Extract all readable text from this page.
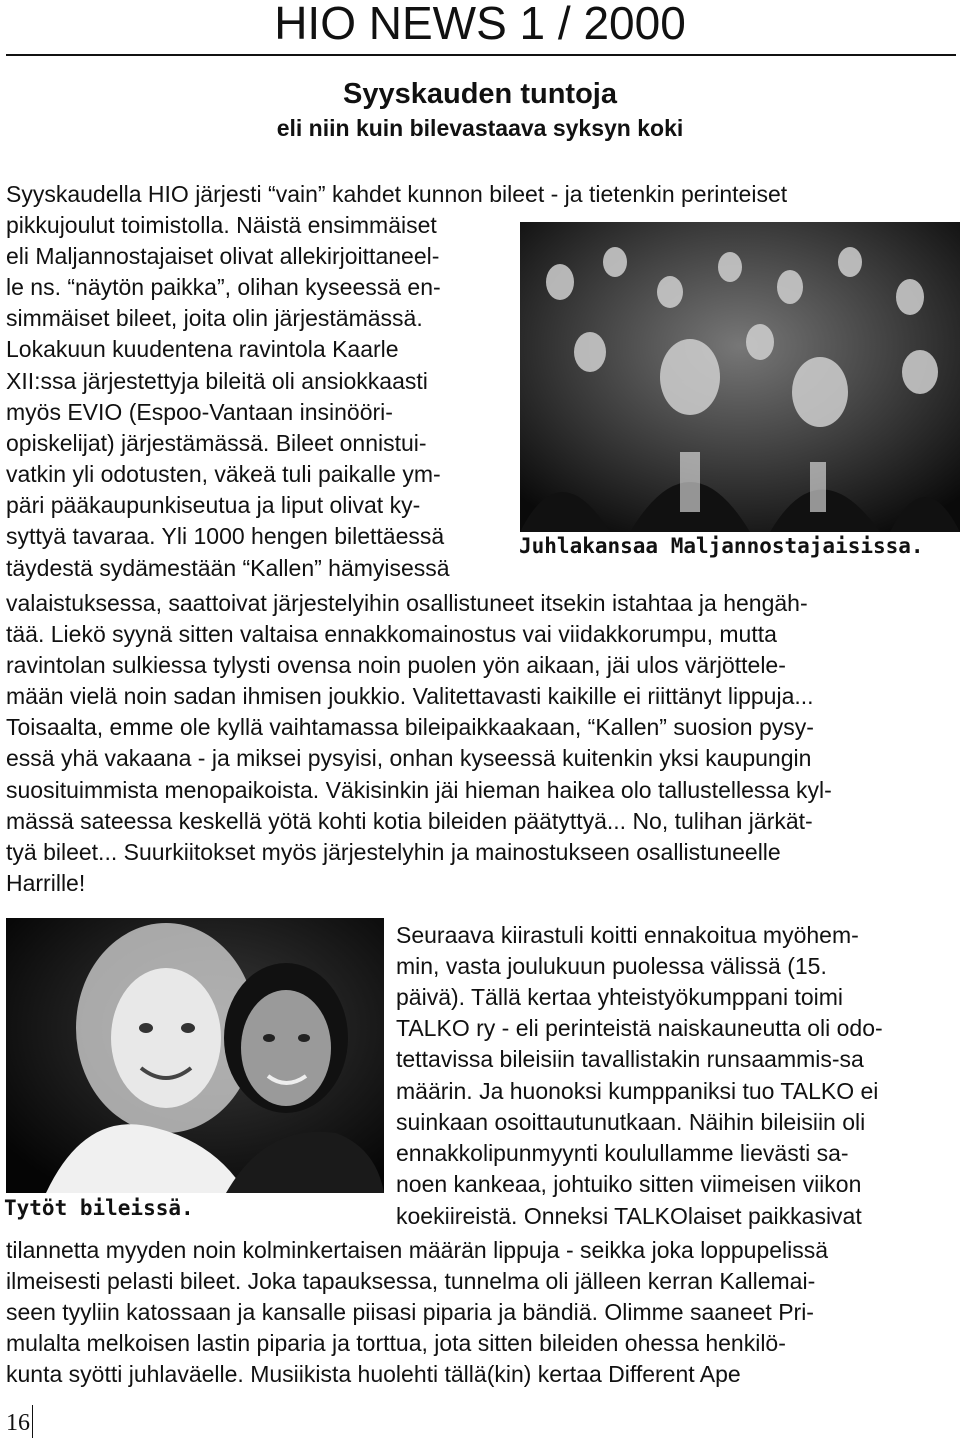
HIO NEWS 1 / 2000
Syyskauden tuntoja
eli niin kuin bilevastaava syksyn koki
Juhlakansaa Maljannostajaisissa.
Tytöt bileissä.
Syyskaudella HIO järjesti “vain” kahdet kunnon bileet - ja tietenkin perinteiset
pikkujoulut toimistolla. Näistä ensimmäiset
eli Maljannostajaiset olivat allekirjoittaneel-
le ns. “näytön paikka”, olihan kyseessä en-
simmäiset bileet, joita olin järjestämässä.
Lokakuun kuudentena ravintola Kaarle
XII:ssa järjestettyja bileitä oli ansiokkaasti
myös EVIO (Espoo-Vantaan insinööri-
opiskelijat) järjestämässä. Bileet onnistui-
vatkin yli odotusten, väkeä tuli paikalle ym-
päri pääkaupunkiseutua ja liput olivat ky-
syttyä tavaraa. Yli 1000 hengen bilettäessä
täydestä sydämestään “Kallen” hämyisessä
valaistuksessa, saattoivat järjestelyihin osallistuneet itsekin istahtaa ja hengäh-
tää. Liekö syynä sitten valtaisa ennakkomainostus vai viidakkorumpu, mutta
ravintolan sulkiessa tylysti ovensa noin puolen yön aikaan, jäi ulos värjöttele-
mään vielä noin sadan ihmisen joukkio. Valitettavasti kaikille ei riittänyt lippuja...
Toisaalta, emme ole kyllä vaihtamassa bileipaikkaakaan, “Kallen” suosion pysy-
essä yhä vakaana - ja miksei pysyisi, onhan kyseessä kuitenkin yksi kaupungin
suosituimmista menopaikoista. Väkisinkin jäi hieman haikea olo tallustellessa kyl-
mässä sateessa keskellä yötä kohti kotia bileiden päätyttyä... No, tulihan järkät-
tyä bileet... Suurkiitokset myös järjestelyhin ja mainostukseen osallistuneelle
Harrille!
Seuraava kiirastuli koitti ennakoitua myöhem-
min, vasta joulukuun puolessa välissä (15.
päivä). Tällä kertaa yhteistyökumppani toimi
TALKO ry - eli perinteistä naiskauneutta oli odo-
tettavissa bileisiin tavallistakin runsaammis-sa
määrin. Ja huonoksi kumppaniksi tuo TALKO ei
suinkaan osoittautunutkaan. Näihin bileisiin oli
ennakkolipunmyynti koulullamme lievästi sa-
noen kankeaa, johtuiko sitten viimeisen viikon
koekiireistä. Onneksi TALKOlaiset paikkasivat
tilannetta myyden noin kolminkertaisen määrän lippuja - seikka joka loppupelissä
ilmeisesti pelasti bileet. Joka tapauksessa, tunnelma oli jälleen kerran Kallemai-
seen tyyliin katossaan ja kansalle piisasi piparia ja bändiä. Olimme saaneet Pri-
mulalta melkoisen lastin piparia ja torttua, jota sitten bileiden ohessa henkilö-
kunta syötti juhlaväelle. Musiikista huolehti tällä(kin) kertaa Different Ape
16
